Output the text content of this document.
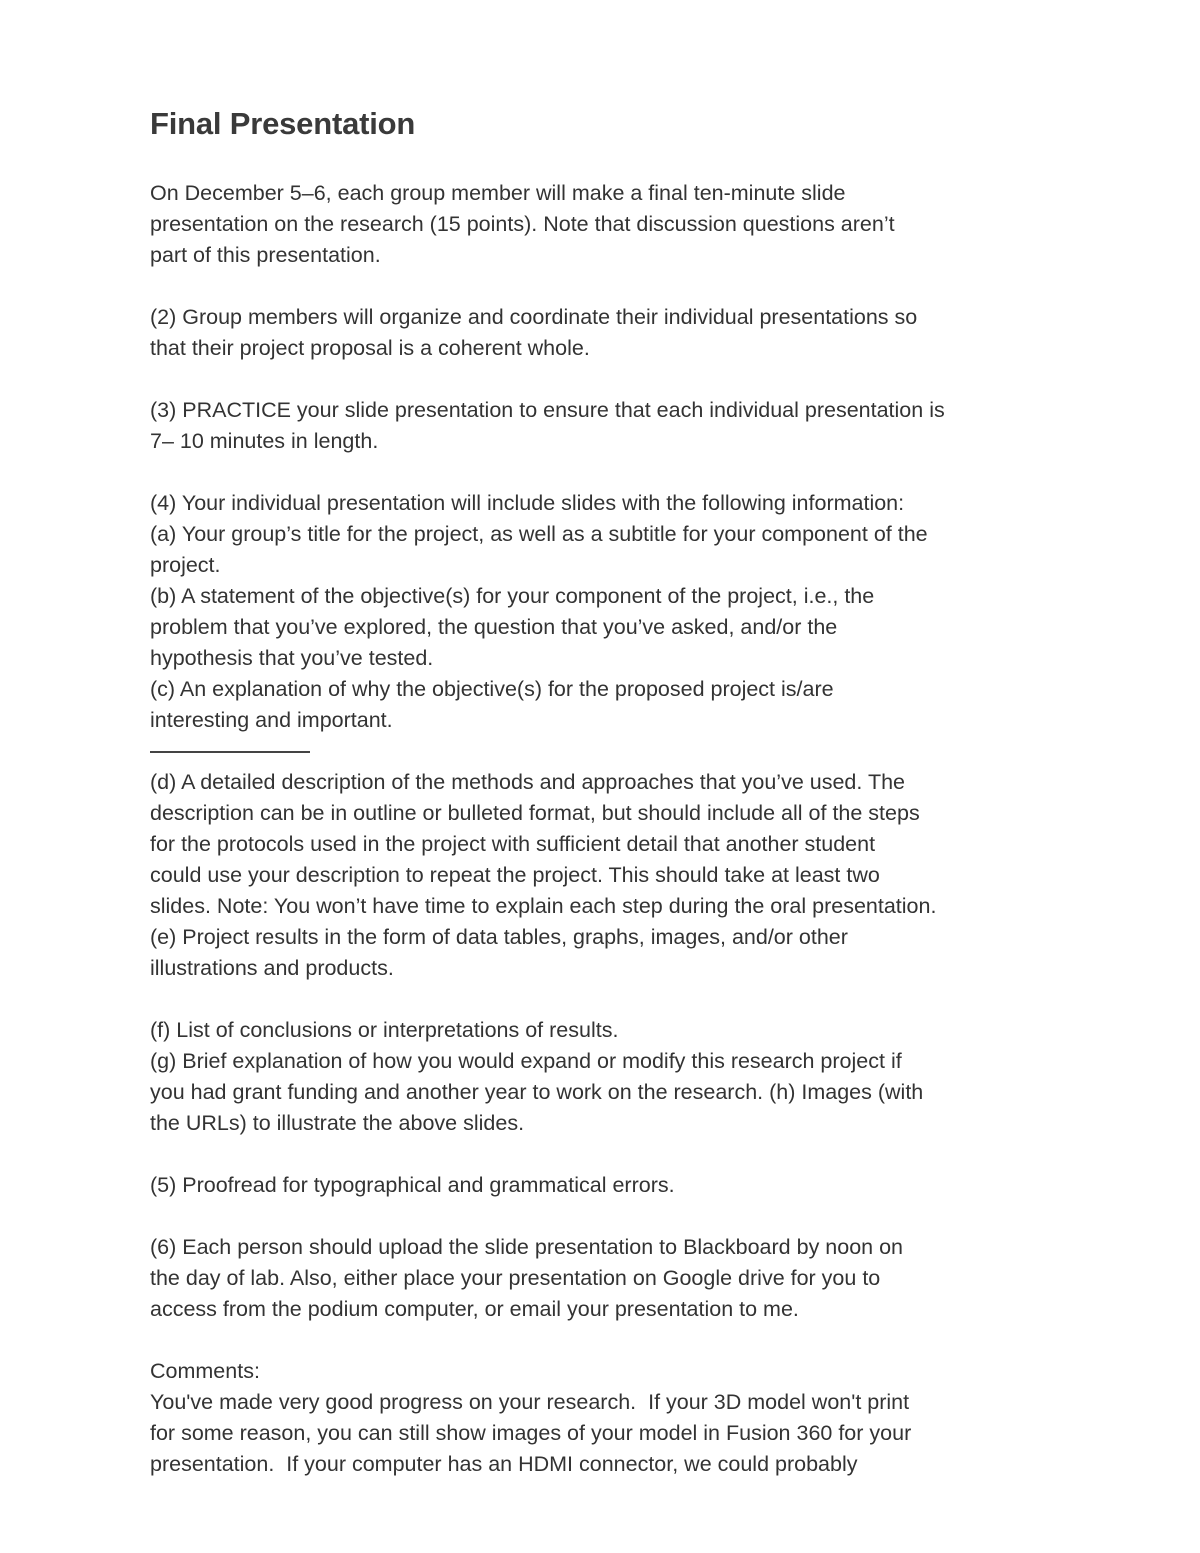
Final Presentation

On December 5–6, each group member will make a final ten-minute slide

presentation on the research (15 points). Note that discussion questions aren’t

part of this presentation.

(2) Group members will organize and coordinate their individual presentations so

that their project proposal is a coherent whole.

(3) PRACTICE your slide presentation to ensure that each individual presentation is

7– 10 minutes in length.

(4) Your individual presentation will include slides with the following information:

(a) Your group’s title for the project, as well as a subtitle for your component of the

project.

(b) A statement of the objective(s) for your component of the project, i.e., the

problem that you’ve explored, the question that you’ve asked, and/or the

hypothesis that you’ve tested.

(c) An explanation of why the objective(s) for the proposed project is/are

interesting and important.

(d) A detailed description of the methods and approaches that you’ve used. The

description can be in outline or bulleted format, but should include all of the steps

for the protocols used in the project with sufficient detail that another student

could use your description to repeat the project. This should take at least two

slides. Note: You won’t have time to explain each step during the oral presentation.

(e) Project results in the form of data tables, graphs, images, and/or other

illustrations and products.

(f) List of conclusions or interpretations of results.

(g) Brief explanation of how you would expand or modify this research project if

you had grant funding and another year to work on the research. (h) Images (with

the URLs) to illustrate the above slides.

(5) Proofread for typographical and grammatical errors.

(6) Each person should upload the slide presentation to Blackboard by noon on

the day of lab. Also, either place your presentation on Google drive for you to

access from the podium computer, or email your presentation to me.

Comments:

You've made very good progress on your research.  If your 3D model won't print

for some reason, you can still show images of your model in Fusion 360 for your

presentation.  If your computer has an HDMI connector, we could probably
